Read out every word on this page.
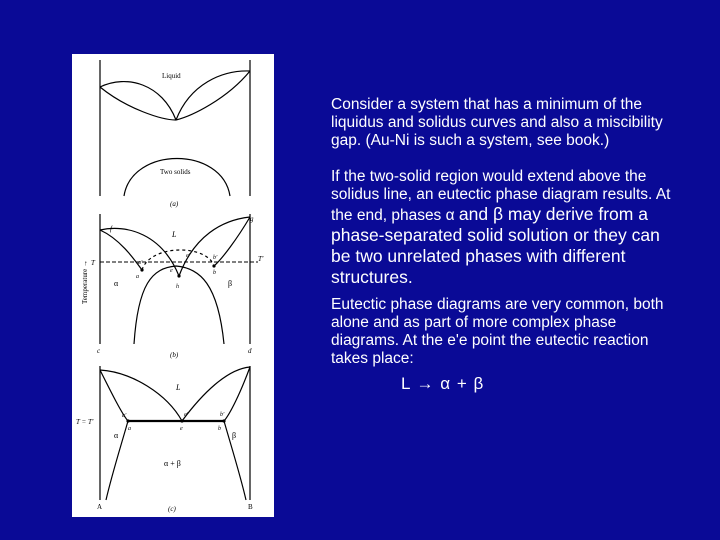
Liquid
Two solids
(a)
Temperature →
L
f
g
T	T'
a'
a
e'
e
b'
b
h
α	β
c	d
(b)
L
T = T'
a'
a
e'
e
b'
b
α	β
α + β
A	B
(c)

Consider a system that has a minimum of the liquidus and solidus curves and also a miscibility gap. (Au-Ni is such a system, see book.)

If the two-solid region would extend above the solidus line, an eutectic phase diagram results. At the end, phases α and β may derive from a phase-separated solid solution or they can be two unrelated phases with different structures.

Eutectic phase diagrams are very common, both alone and as part of more complex phase diagrams. At the e'e point the eutectic reaction takes place:

L → α + β
